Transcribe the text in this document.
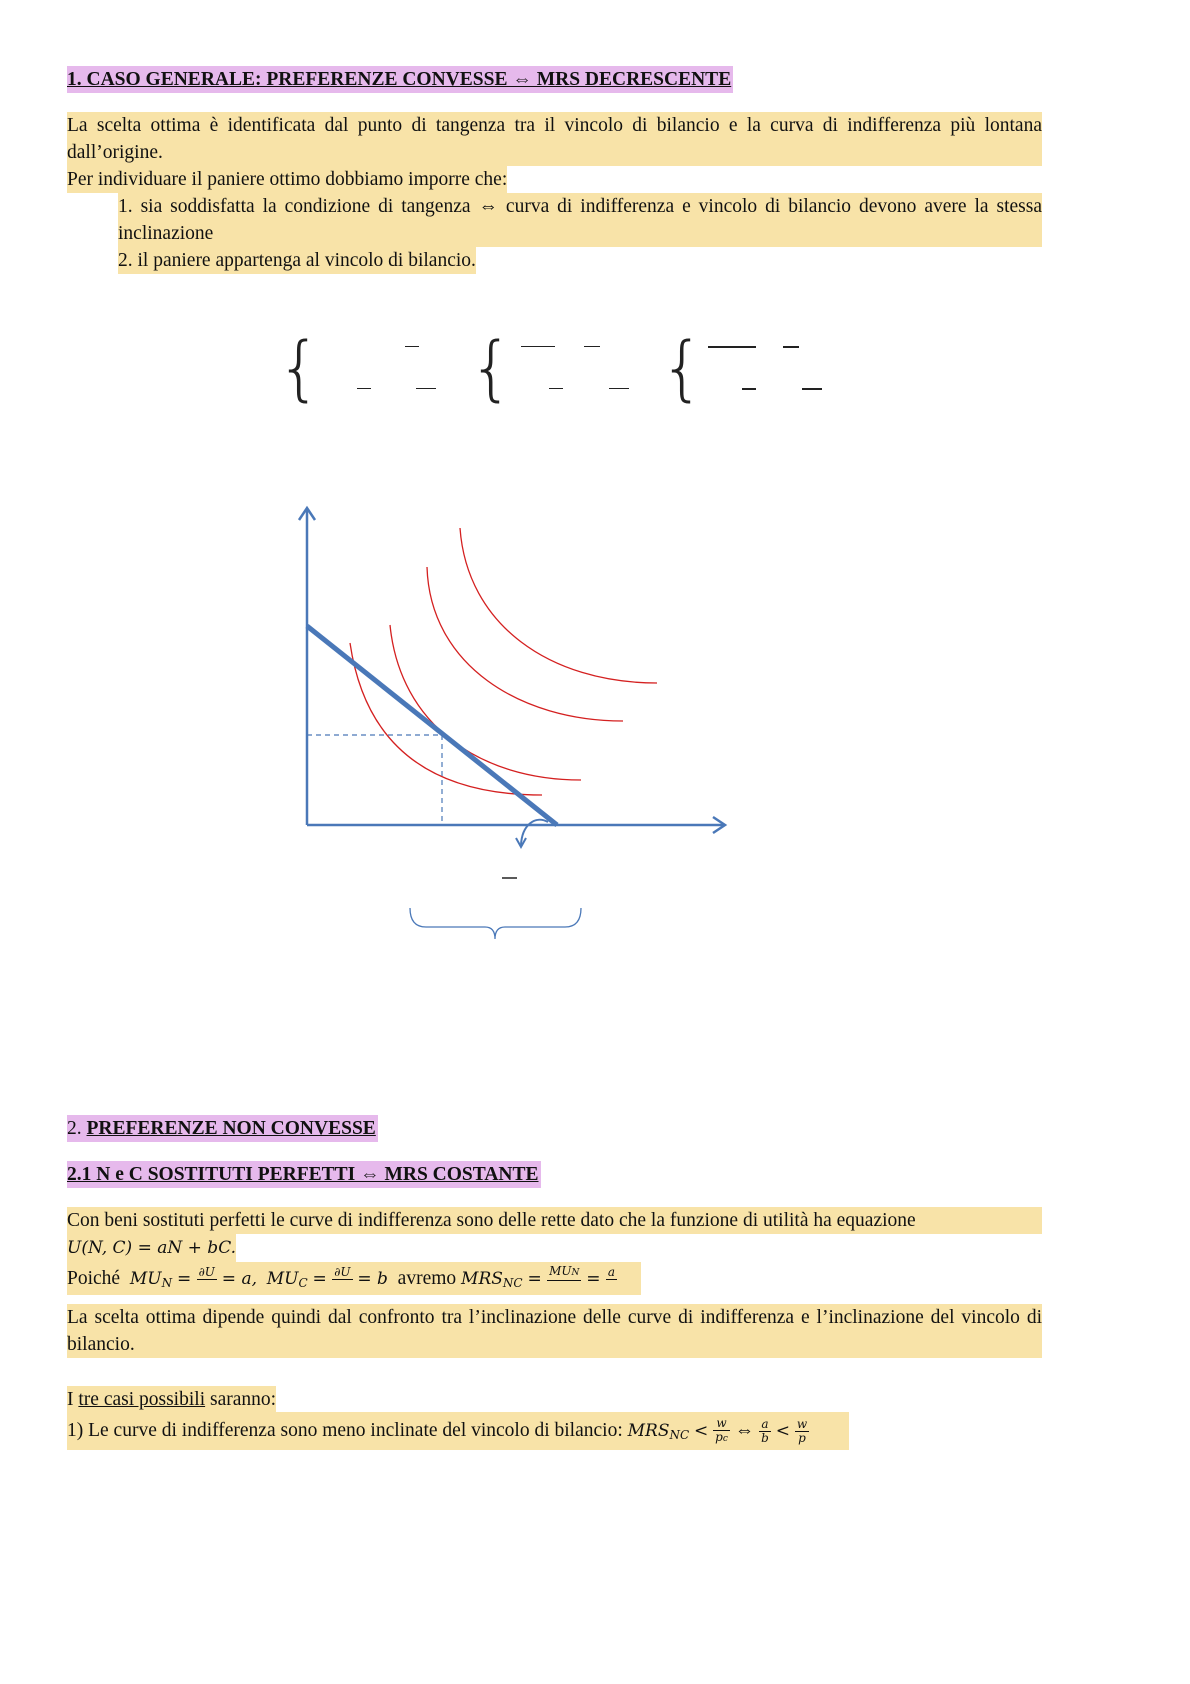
1. CASO GENERALE: PREFERENZE CONVESSE ⇔ MRS DECRESCENTE
La scelta ottima è identificata dal punto di tangenza tra il vincolo di bilancio e la curva di indifferenza più lontana dall’origine.
Per individuare il paniere ottimo dobbiamo imporre che:
1. sia soddisfatta la condizione di tangenza ⇔ curva di indifferenza e vincolo di bilancio devono avere la stessa inclinazione
2. il paniere appartenga al vincolo di bilancio.
{ { {
2. PREFERENZE NON CONVESSE
2.1 N e C SOSTITUTI PERFETTI ⇔ MRS COSTANTE
Con beni sostituti perfetti le curve di indifferenza sono delle rette dato che la funzione di utilità ha equazione
U(N, C) = aN + bC.
Poiché $MU_N = \partial U$
= a, $MU_C = \partial U$
= b avremo $MRS_{NC}$ = MUN
= a

La scelta ottima dipende quindi dal confronto tra l’inclinazione delle curve di indifferenza e l’inclinazione del vincolo di bilancio.
I tre casi possibili saranno:
1) Le curve di indifferenza sono meno inclinate del vincolo di bilancio: $MRS_{NC} < \frac{w}{pc}$ ⇔ $\frac{a}{b} < \frac{w}{p}$
